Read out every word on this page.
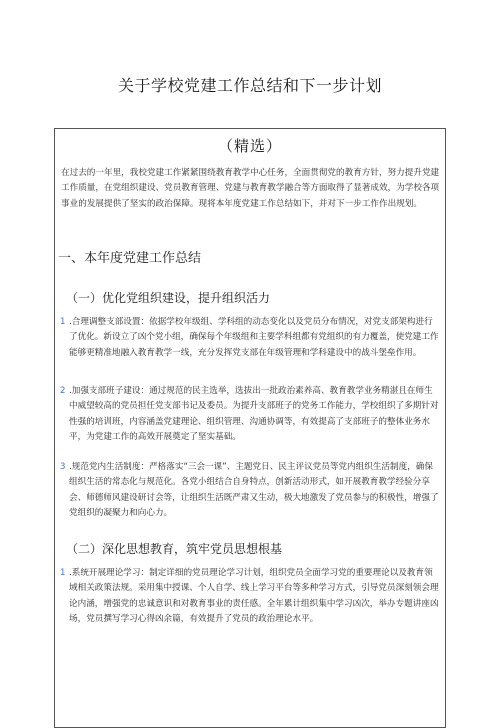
关于学校党建工作总结和下一步计划
（精选）
在过去的一年里，我校党建工作紧紧围绕教育教学中心任务，全面贯彻党的教育方针，努力提升党建工作质量，在党组织建设、党员教育管理、党建与教育教学融合等方面取得了显著成效，为学校各项事业的发展提供了坚实的政治保障。现将本年度党建工作总结如下，并对下一步工作作出规划。
一、本年度党建工作总结
（一）优化党组织建设，提升组织活力
1 .合理调整支部设置：依据学校年级组、学科组的动态变化以及党员分布情况，对党支部架构进行了优化。新设立了凶个党小组，确保每个年级组和主要学科组都有党组织的有力覆盖，使党建工作能够更精准地融入教育教学一线，充分发挥党支部在年级管理和学科建设中的战斗堡垒作用。
2 .加强支部班子建设：通过规范的民主选举，选拔出一批政治素养高、教育教学业务精湛且在师生中威望较高的党员担任党支部书记及委员。为提升支部班子的党务工作能力，学校组织了多期针对性强的培训班，内容涵盖党建理论、组织管理、沟通协调等，有效提高了支部班子的整体业务水平，为党建工作的高效开展奠定了坚实基础。
3 .规范党内生活制度：严格落实“三会一课”、主题党日、民主评议党员等党内组织生活制度，确保组织生活的常态化与规范化。各党小组结合自身特点，创新活动形式，如开展教育教学经验分享会、师德师风建设研讨会等，让组织生活既严肃又生动，极大地激发了党员参与的积极性，增强了党组织的凝聚力和向心力。
（二）深化思想教育，筑牢党员思想根基
1 .系统开展理论学习：制定详细的党员理论学习计划，组织党员全面学习党的重要理论以及教育领域相关政策法规。采用集中授课、个人自学、线上学习平台等多种学习方式，引导党员深刻领会理论内涵，增强党的忠诚意识和对教育事业的责任感。全年累计组织集中学习凶次，举办专题讲座凶场，党员撰写学习心得凶余篇，有效提升了党员的政治理论水平。
